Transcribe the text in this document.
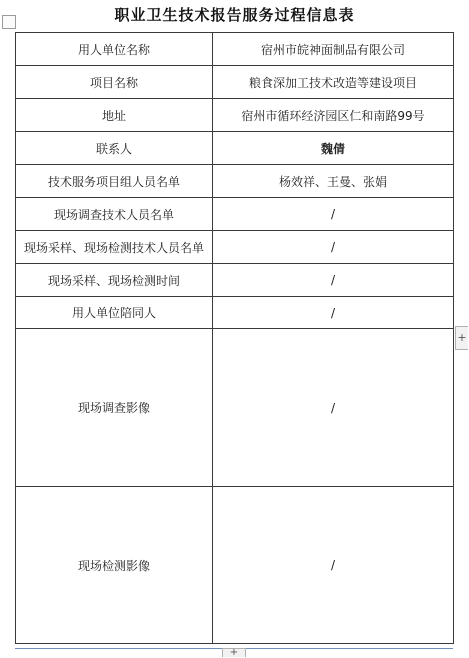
职业卫生技术报告服务过程信息表
用人单位名称	宿州市皖神面制品有限公司
项目名称	粮食深加工技术改造等建设项目
地址	宿州市循环经济园区仁和南路99号
联系人	魏倩
技术服务项目组人员名单	杨效祥、王曼、张娟
现场调查技术人员名单	/
现场采样、现场检测技术人员名单	/
现场采样、现场检测时间	/
用人单位陪同人	/
现场调查影像	/
现场检测影像	/
+
+
